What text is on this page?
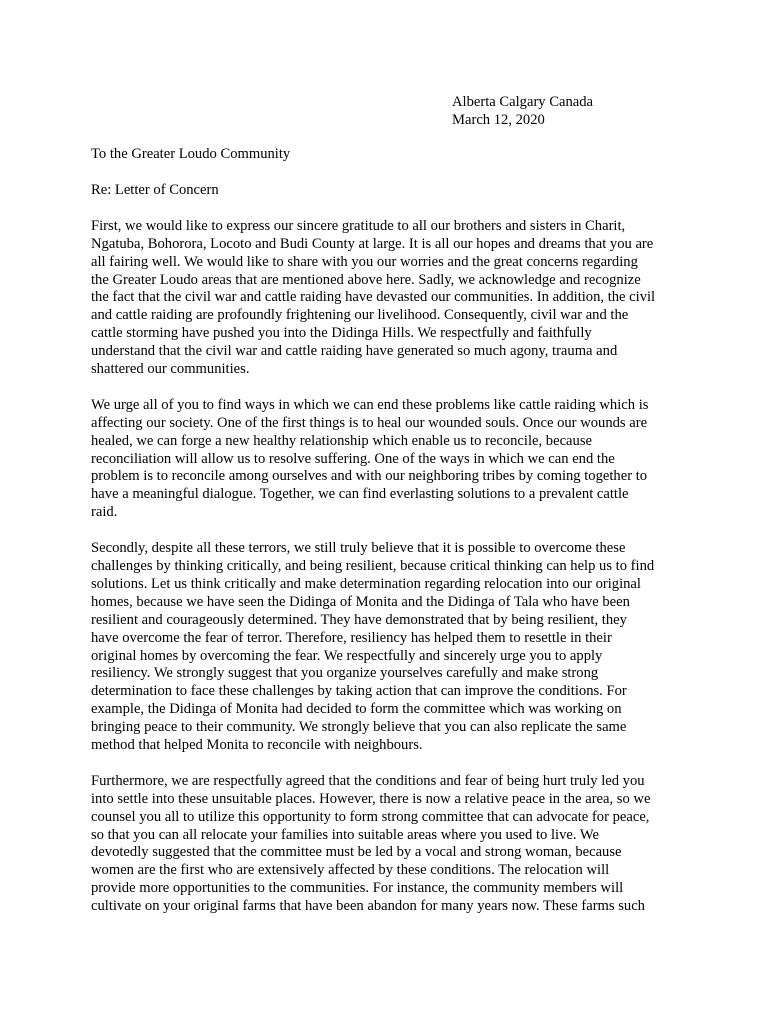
Alberta Calgary Canada
March 12, 2020

To the Greater Loudo Community

Re: Letter of Concern

First, we would like to express our sincere gratitude to all our brothers and sisters in Charit,

Ngatuba, Bohorora, Locoto and Budi County at large. It is all our hopes and dreams that you are

all fairing well. We would like to share with you our worries and the great concerns regarding

the Greater Loudo areas that are mentioned above here. Sadly, we acknowledge and recognize

the fact that the civil war and cattle raiding have devasted our communities. In addition, the civil

and cattle raiding are profoundly frightening our livelihood. Consequently, civil war and the

cattle storming have pushed you into the Didinga Hills. We respectfully and faithfully

understand that the civil war and cattle raiding have generated so much agony, trauma and

shattered our communities.

We urge all of you to find ways in which we can end these problems like cattle raiding which is

affecting our society. One of the first things is to heal our wounded souls. Once our wounds are

healed, we can forge a new healthy relationship which enable us to reconcile, because

reconciliation will allow us to resolve suffering. One of the ways in which we can end the

problem is to reconcile among ourselves and with our neighboring tribes by coming together to

have a meaningful dialogue. Together, we can find everlasting solutions to a prevalent cattle

raid.

Secondly, despite all these terrors, we still truly believe that it is possible to overcome these

challenges by thinking critically, and being resilient, because critical thinking can help us to find

solutions. Let us think critically and make determination regarding relocation into our original

homes, because we have seen the Didinga of Monita and the Didinga of Tala who have been

resilient and courageously determined. They have demonstrated that by being resilient, they

have overcome the fear of terror. Therefore, resiliency has helped them to resettle in their

original homes by overcoming the fear. We respectfully and sincerely urge you to apply

resiliency. We strongly suggest that you organize yourselves carefully and make strong

determination to face these challenges by taking action that can improve the conditions. For

example, the Didinga of Monita had decided to form the committee which was working on

bringing peace to their community. We strongly believe that you can also replicate the same

method that helped Monita to reconcile with neighbours.

Furthermore, we are respectfully agreed that the conditions and fear of being hurt truly led you

into settle into these unsuitable places. However, there is now a relative peace in the area, so we

counsel you all to utilize this opportunity to form strong committee that can advocate for peace,

so that you can all relocate your families into suitable areas where you used to live. We

devotedly suggested that the committee must be led by a vocal and strong woman, because

women are the first who are extensively affected by these conditions. The relocation will

provide more opportunities to the communities. For instance, the community members will

cultivate on your original farms that have been abandon for many years now. These farms such
